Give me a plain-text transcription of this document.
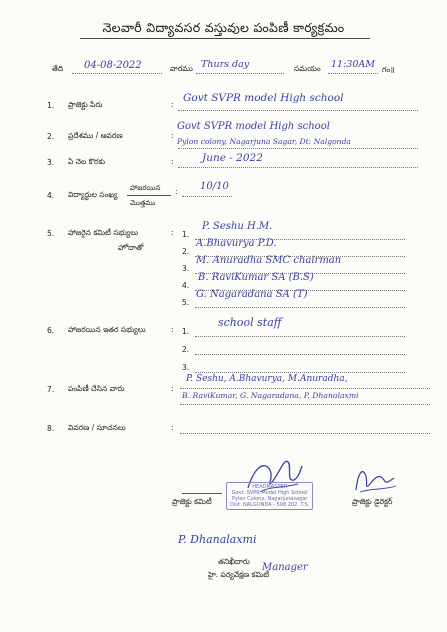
నెలవారీ విద్యావసర వస్తువుల పంపిణీ కార్యక్రమం
తేది 04-08-2022	వారము Thurs day	సమయం 11:30AM గం॥
1. ప్రాజెక్టు పేరు	:
Govt SVPR model High school
2. ప్రదేశము / ఆవరణ	:
Govt SVPR model High school
Pylon colony, Nagarjuna Sagar, Dt: Nalgonda
3. ఏ నెల కొరకు	:	June - 2022
4. విద్యార్థుల సంఖ్య
హాజరయిన
మొత్తము
: 10/10
5. హాజరైన కమిటీ సభ్యులు
హోదాతో
: 1.
P. Seshu H.M.
2.
A.Bhavurya P.D.
3.
M. Anuradha SMC chairman
4.
B. RaviKumar SA (B.S)
5.
G. Nagaradana SA (T)
6. హాజరయిన ఇతర సభ్యులు	: 1.
school staff
2.
3.
7. పంపిణీ చేసిన వారు	:
P. Seshu, A.Bhavurya, M.Anuradha,
B. RaviKumar, G. Nagaradana, P. Dhanalaxmi
8. వివరణ / సూచనలు	:
HEADMASTER
Govt. SVPR Model High School
Pylon Colony, Nagarjunasagar
Dist. NALGONDA - 508 202. T.S.
ప్రాజెక్టు కమిటీ	ప్రాజెక్టు డైరెక్టర్
P. Dhanalaxmi
తనిఖీదారు
హై. పర్యవేక్షణ కమిటీ
Manager
